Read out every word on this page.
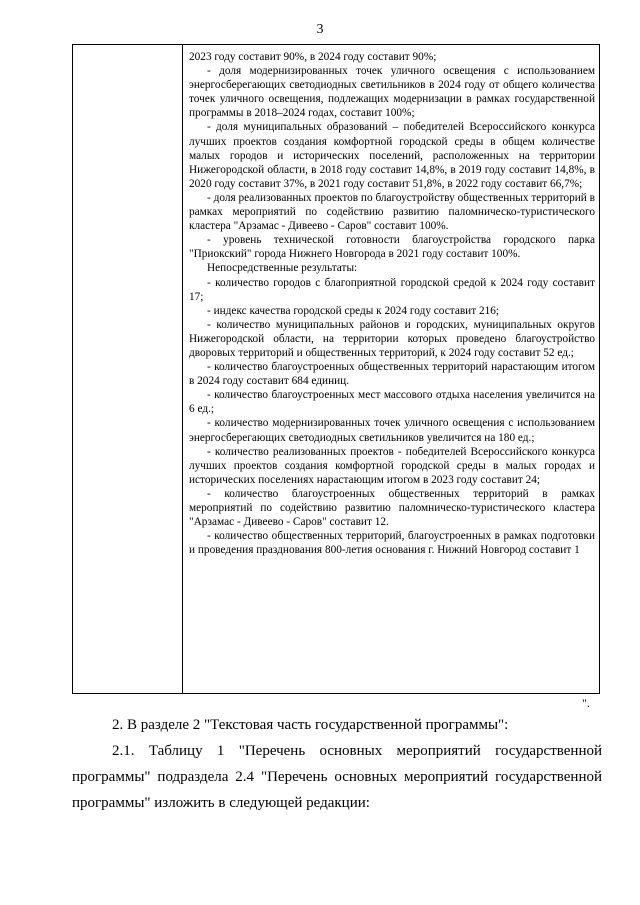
3

2023 году составит 90%, в 2024 году составит 90%;

- доля модернизированных точек уличного освещения с использованием энергосберегающих светодиодных светильников в 2024 году от общего количества точек уличного освещения, подлежащих модернизации в рамках государственной программы в 2018–2024 годах, составит 100%;

- доля муниципальных образований – победителей Всероссийского конкурса лучших проектов создания комфортной городской среды в общем количестве малых городов и исторических поселений, расположенных на территории Нижегородской области, в 2018 году составит 14,8%, в 2019 году составит 14,8%, в 2020 году составит 37%, в 2021 году составит 51,8%, в 2022 году составит 66,7%;

- доля реализованных проектов по благоустройству общественных территорий в рамках мероприятий по содействию развитию паломническо-туристического кластера "Арзамас - Дивеево - Саров" составит 100%.

- уровень технической готовности благоустройства городского парка "Приокский" города Нижнего Новгорода в 2021 году составит 100%.

Непосредственные результаты:

- количество городов с благоприятной городской средой к 2024 году составит 17;

- индекс качества городской среды к 2024 году составит 216;

- количество муниципальных районов и городских, муниципальных округов Нижегородской области, на территории которых проведено благоустройство дворовых территорий и общественных территорий, к 2024 году составит 52 ед.;

- количество благоустроенных общественных территорий нарастающим итогом в 2024 году составит 684 единиц.

- количество благоустроенных мест массового отдыха населения увеличится на 6 ед.;

- количество модернизированных точек уличного освещения с использованием энергосберегающих светодиодных светильников увеличится на 180 ед.;

- количество реализованных проектов - победителей Всероссийского конкурса лучших проектов создания комфортной городской среды в малых городах и исторических поселениях нарастающим итогом в 2023 году составит 24;

- количество благоустроенных общественных территорий в рамках мероприятий по содействию развитию паломническо-туристического кластера "Арзамас - Дивеево - Саров" составит 12.

- количество общественных территорий, благоустроенных в рамках подготовки и проведения празднования 800-летия основания г. Нижний Новгород составит 1

".

2. В разделе 2 "Текстовая часть государственной программы":

2.1. Таблицу 1 "Перечень основных мероприятий государственной программы" подраздела 2.4 "Перечень основных мероприятий государственной программы" изложить в следующей редакции:
